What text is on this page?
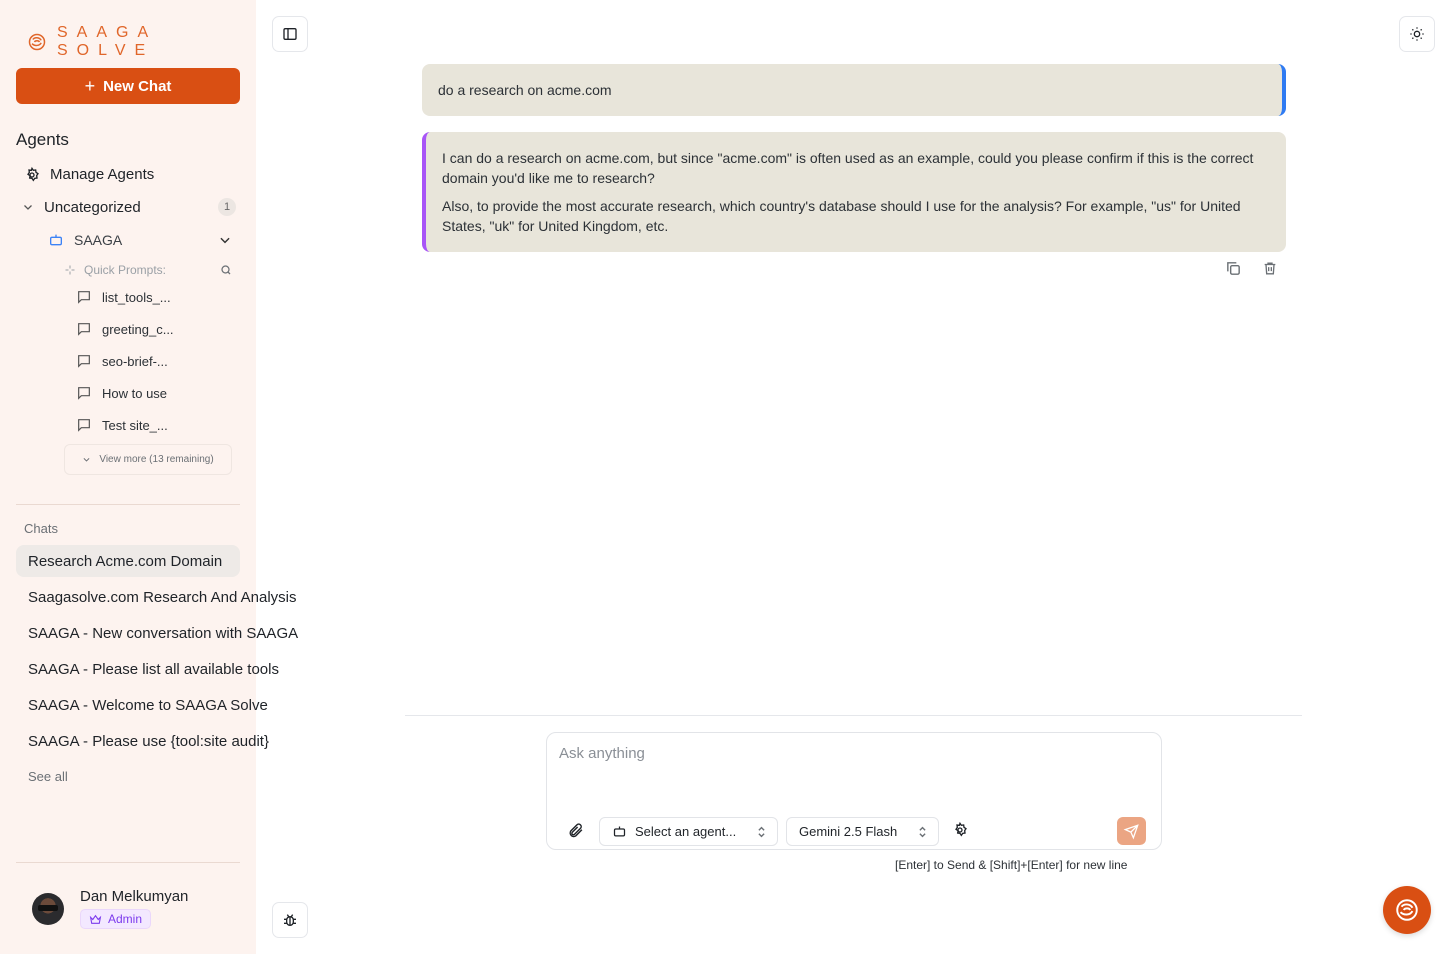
SAAGA SOLVE
+ New Chat
Agents
Manage Agents
Uncategorized	1
SAAGA
Quick Prompts:
list_tools_...
greeting_c...
seo-brief-...
How to use
Test site_...
View more (13 remaining)
Chats
Research Acme.com Domain
Saagasolve.com Research And Analysis
SAAGA - New conversation with SAAGA
SAAGA - Please list all available tools
SAAGA - Welcome to SAAGA Solve
SAAGA - Please use {tool:site audit}
See all
Dan Melkumyan
Admin
do a research on acme.com

I can do a research on acme.com, but since "acme.com" is often used as an example, could you please confirm if this is the correct domain you'd like me to research?

Also, to provide the most accurate research, which country's database should I use for the analysis? For example, "us" for United States, "uk" for United Kingdom, etc.

Ask anything
Select an agent...	Gemini 2.5 Flash
[Enter] to Send & [Shift]+[Enter] for new line
